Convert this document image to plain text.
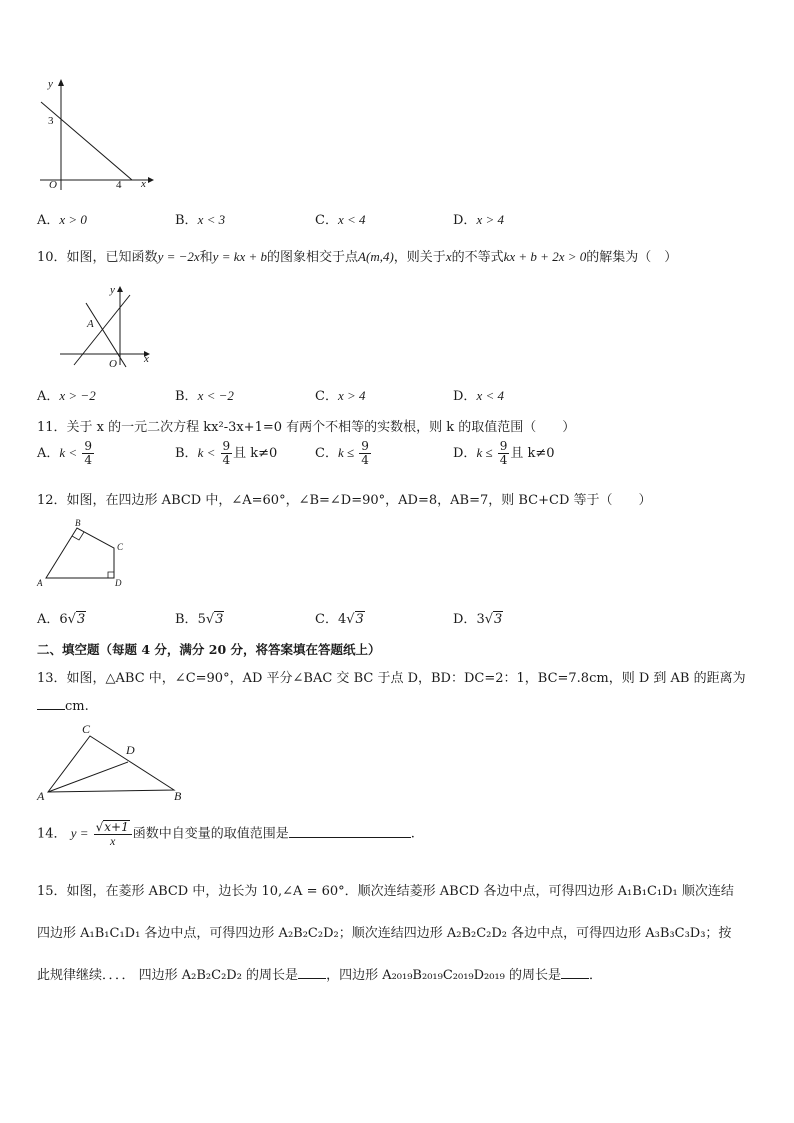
y
x
O
3
4
A．x > 0	B．x < 3	C．x < 4	D．x > 4
10．如图，已知函数y = −2x和y = kx + b的图象相交于点A(m,4)，则关于x的不等式kx + b + 2x > 0的解集为（　）
y
x
O
A
A．x > −2	B．x < −2	C．x > 4	D．x < 4
11．关于 x 的一元二次方程 kx²-3x+1=0 有两个不相等的实数根，则 k 的取值范围（　　）
A．$k < \frac{9}{4}$	B．$k < \frac{9}{4}$ 且 k≠0	C．$k \le \frac{9}{4}$	D．$k \le \frac{9}{4}$ 且 k≠0
12．如图，在四边形 ABCD 中，∠A=60°，∠B=∠D=90°，AD=8，AB=7，则 BC+CD 等于（　　）
A
B
C
D
A．6√ 3	B．5√ 3	C．4√ 3	D．3√ 3
二、填空题（每题 4 分，满分 20 分，将答案填在答题纸上）
13．如图，△ABC 中，∠C=90°，AD 平分∠BAC 交 BC 于点 D，BD：DC=2：1，BC=7.8cm，则 D 到 AB 的距离为
cm.
A	B
C
D
14． $y = \frac{√ x+1}{x}$ 函数中自变量的取值范围是	.
15．如图，在菱形 ABCD 中，边长为 10,∠A = 60°．顺次连结菱形 ABCD 各边中点，可得四边形 A₁B₁C₁D₁ 顺次连结
四边形 A₁B₁C₁D₁ 各边中点，可得四边形 A₂B₂C₂D₂；顺次连结四边形 A₂B₂C₂D₂ 各边中点，可得四边形 A₃B₃C₃D₃；按
此规律继续．．．． 四边形 A₂B₂C₂D₂ 的周长是 ，四边形 A₂₀₁₉B₂₀₁₉C₂₀₁₉D₂₀₁₉ 的周长是 ．
